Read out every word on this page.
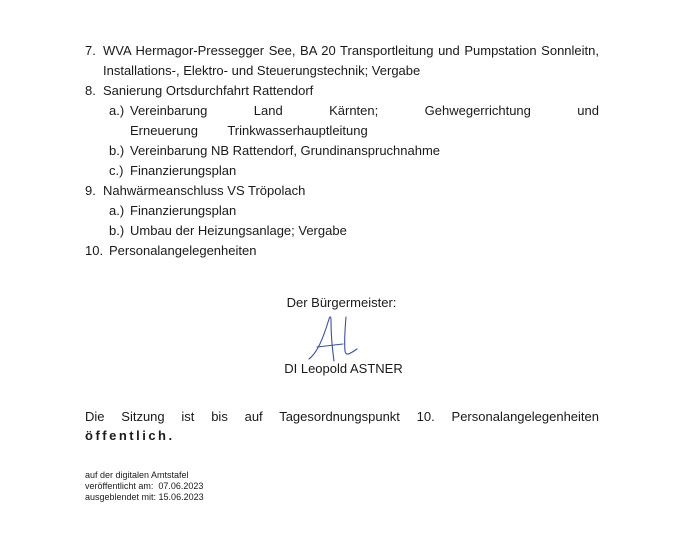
7. WVA Hermagor-Pressegger See, BA 20 Transportleitung und Pumpstation Sonnleitn, Installations-, Elektro- und Steuerungstechnik; Vergabe
8. Sanierung Ortsdurchfahrt Rattendorf
a.) Vereinbarung Land Kärnten; Gehwegerrichtung und Erneuerung Trinkwasserhauptleitung
b.) Vereinbarung NB Rattendorf, Grundinanspruchnahme
c.) Finanzierungsplan
9. Nahwärmeanschluss VS Tröpolach
a.) Finanzierungsplan
b.) Umbau der Heizungsanlage; Vergabe
10. Personalangelegenheiten
Der Bürgermeister:
DI Leopold ASTNER
Die Sitzung ist bis auf Tagesordnungspunkt 10. Personalangelegenheiten
öffentlich.
auf der digitalen Amtstafel
veröffentlicht am:  07.06.2023
ausgeblendet mit: 15.06.2023
